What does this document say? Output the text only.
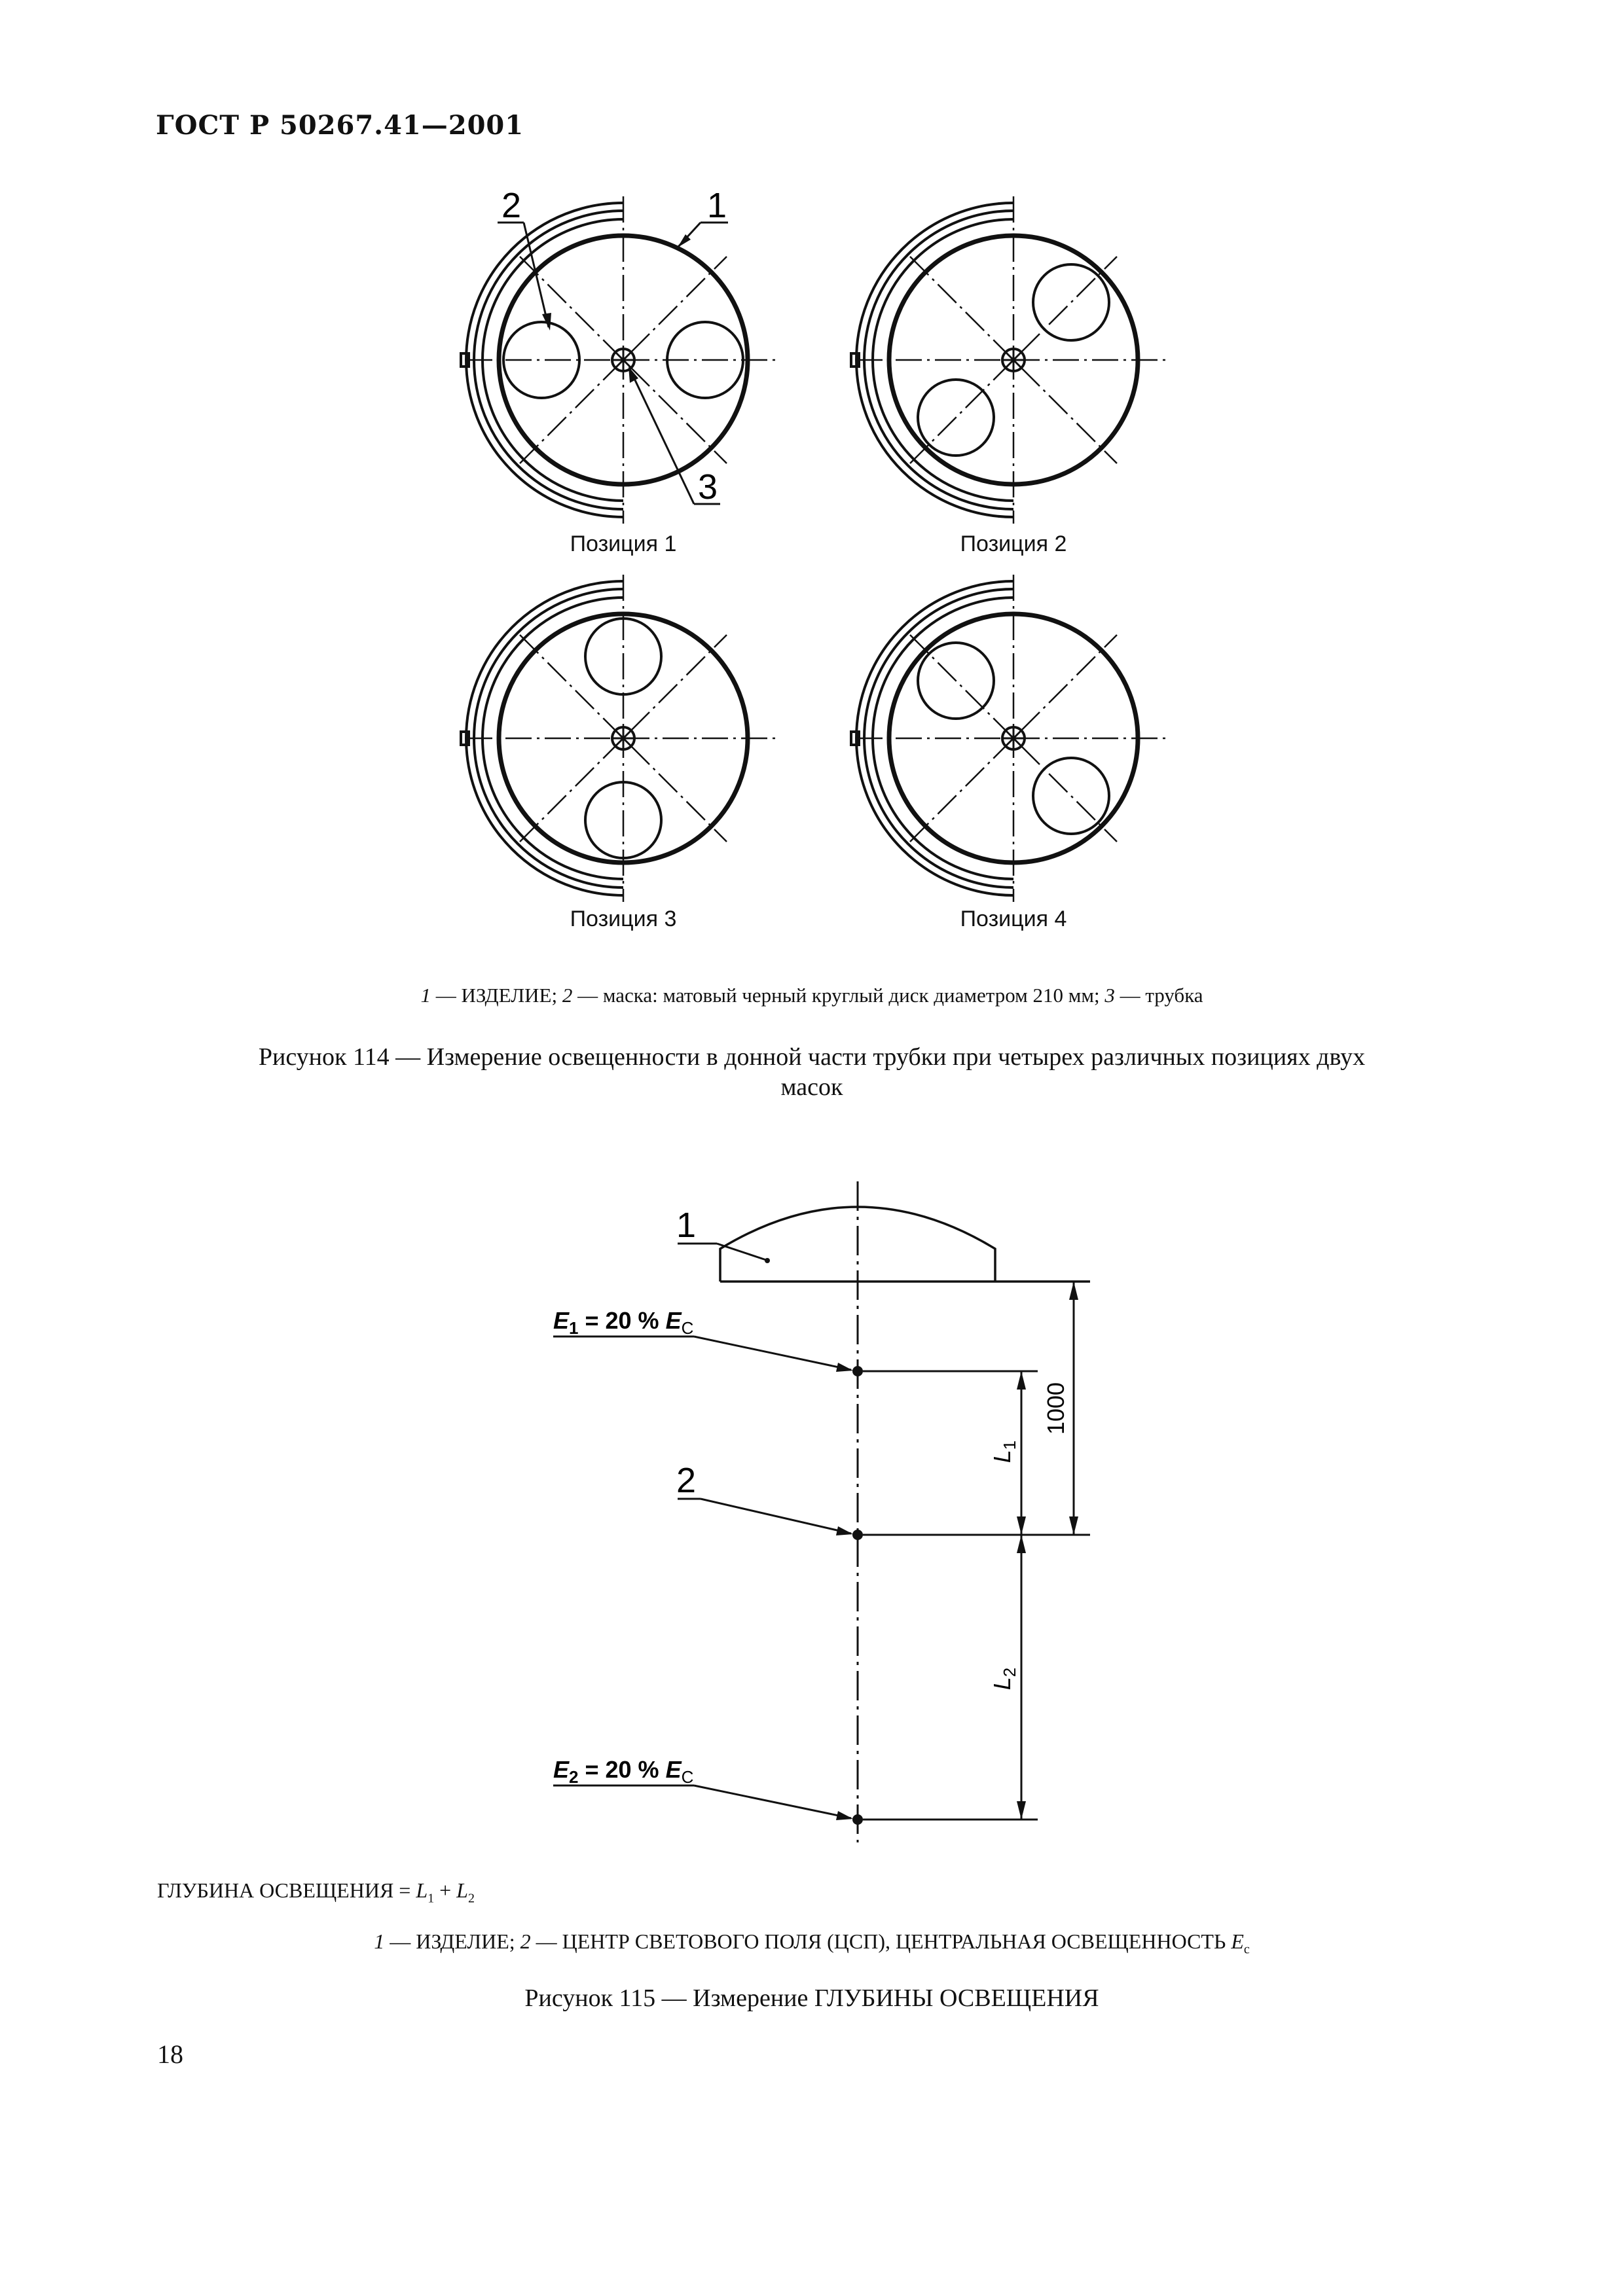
ГОСТ Р 50267.41—2001
1
2
3
Позиция 1	Позиция 2
Позиция 3	Позиция 4
1 — ИЗДЕЛИЕ; 2 — маска: матовый черный круглый диск диаметром 210 мм; 3 — трубка
Рисунок 114 — Измерение освещенности в донной части трубки при четырех различных позициях двух
масок
1
2
$E_1 = 20$ % $E_C$
$E_2 = 20$ % $E_C$
1000
$L_1$
$L_2$
ГЛУБИНА ОСВЕЩЕНИЯ = $L_1 + L_2$
1 — ИЗДЕЛИЕ; 2 — ЦЕНТР СВЕТОВОГО ПОЛЯ (ЦСП), ЦЕНТРАЛЬНАЯ ОСВЕЩЕННОСТЬ $E_c$
Рисунок 115 — Измерение ГЛУБИНЫ ОСВЕЩЕНИЯ
18
